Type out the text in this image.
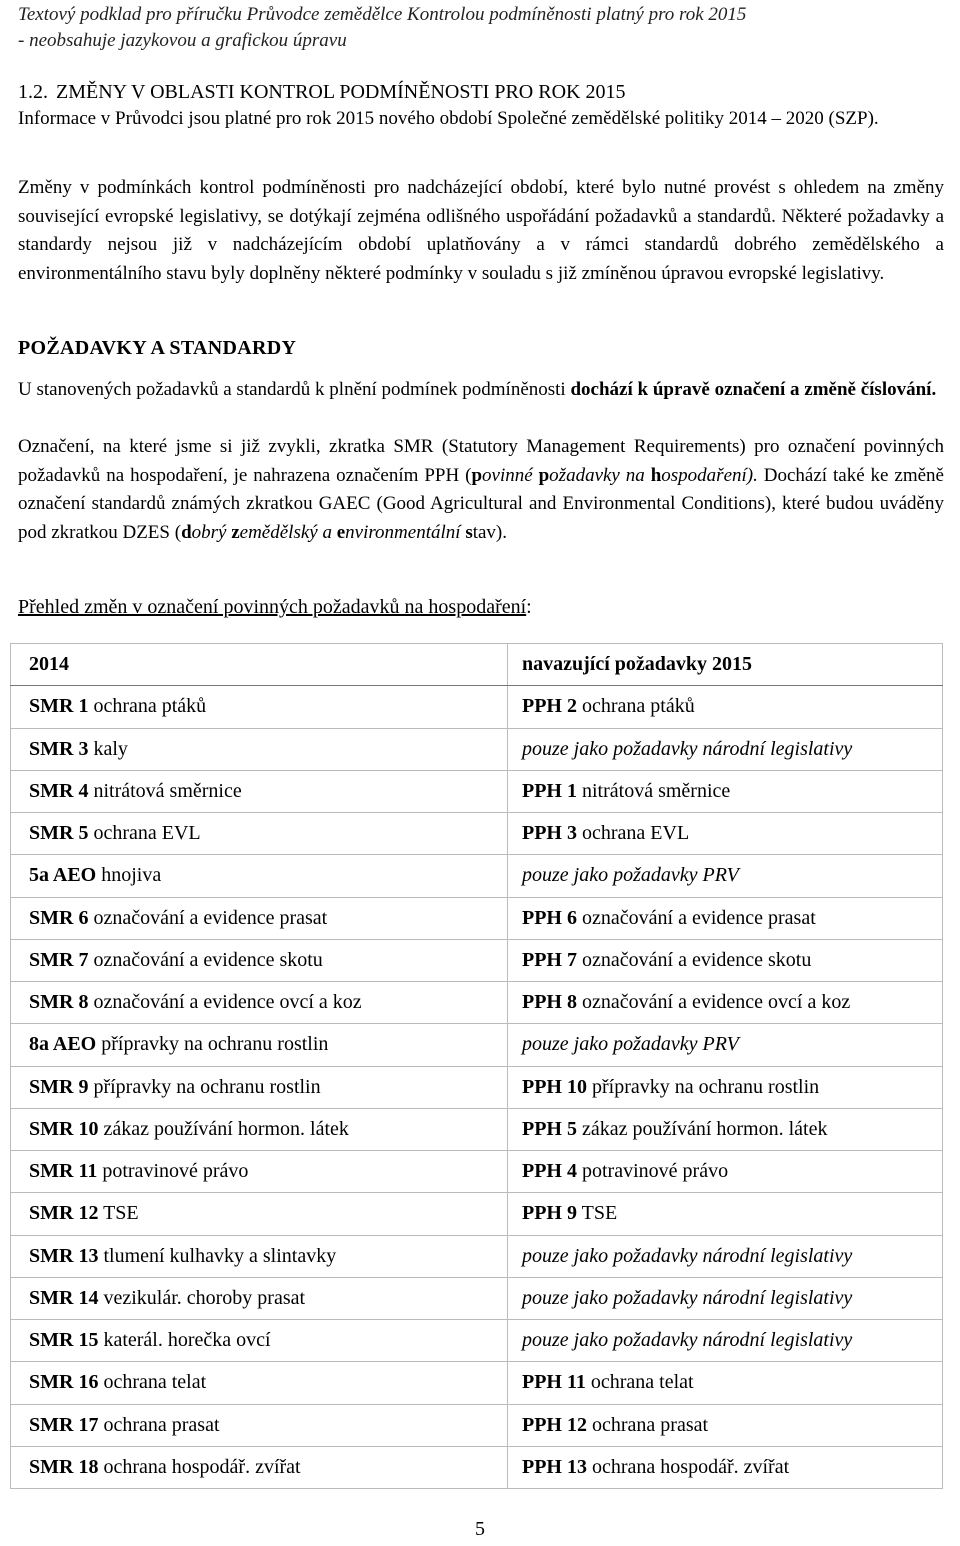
Textový podklad pro příručku Průvodce zemědělce Kontrolou podmíněnosti platný pro rok 2015
- neobsahuje jazykovou a grafickou úpravu
1.2. ZMĚNY V OBLASTI KONTROL PODMÍNĚNOSTI PRO ROK 2015
Informace v Průvodci jsou platné pro rok 2015 nového období Společné zemědělské politiky 2014 – 2020 (SZP).
Změny v podmínkách kontrol podmíněnosti pro nadcházející období, které bylo nutné provést s ohledem na změny související evropské legislativy, se dotýkají zejména odlišného uspořádání požadavků a standardů. Některé požadavky a standardy nejsou již v nadcházejícím období uplatňovány a v rámci standardů dobrého zemědělského a environmentálního stavu byly doplněny některé podmínky v souladu s již zmíněnou úpravou evropské legislativy.
POŽADAVKY A STANDARDY
U stanovených požadavků a standardů k plnění podmínek podmíněnosti dochází k úpravě označení a změně číslování.
Označení, na které jsme si již zvykli, zkratka SMR (Statutory Management Requirements) pro označení povinných požadavků na hospodaření, je nahrazena označením PPH (povinné požadavky na hospodaření). Dochází také ke změně označení standardů známých zkratkou GAEC (Good Agricultural and Environmental Conditions), které budou uváděny pod zkratkou DZES (dobrý zemědělský a environmentální stav).
Přehled změn v označení povinných požadavků na hospodaření:
2014	navazující požadavky 2015
SMR 1 ochrana ptáků	PPH 2 ochrana ptáků
SMR 3 kaly	pouze jako požadavky národní legislativy
SMR 4 nitrátová směrnice	PPH 1 nitrátová směrnice
SMR 5 ochrana EVL	PPH 3 ochrana EVL
5a AEO hnojiva	pouze jako požadavky PRV
SMR 6 označování a evidence prasat	PPH 6 označování a evidence prasat
SMR 7 označování a evidence skotu	PPH 7 označování a evidence skotu
SMR 8 označování a evidence ovcí a koz	PPH 8 označování a evidence ovcí a koz
8a AEO přípravky na ochranu rostlin	pouze jako požadavky PRV
SMR 9 přípravky na ochranu rostlin	PPH 10 přípravky na ochranu rostlin
SMR 10 zákaz používání hormon. látek	PPH 5 zákaz používání hormon. látek
SMR 11 potravinové právo	PPH 4 potravinové právo
SMR 12 TSE	PPH 9 TSE
SMR 13 tlumení kulhavky a slintavky	pouze jako požadavky národní legislativy
SMR 14 vezikulár. choroby prasat	pouze jako požadavky národní legislativy
SMR 15 katerál. horečka ovcí	pouze jako požadavky národní legislativy
SMR 16 ochrana telat	PPH 11 ochrana telat
SMR 17 ochrana prasat	PPH 12 ochrana prasat
SMR 18 ochrana hospodář. zvířat	PPH 13 ochrana hospodář. zvířat
5
